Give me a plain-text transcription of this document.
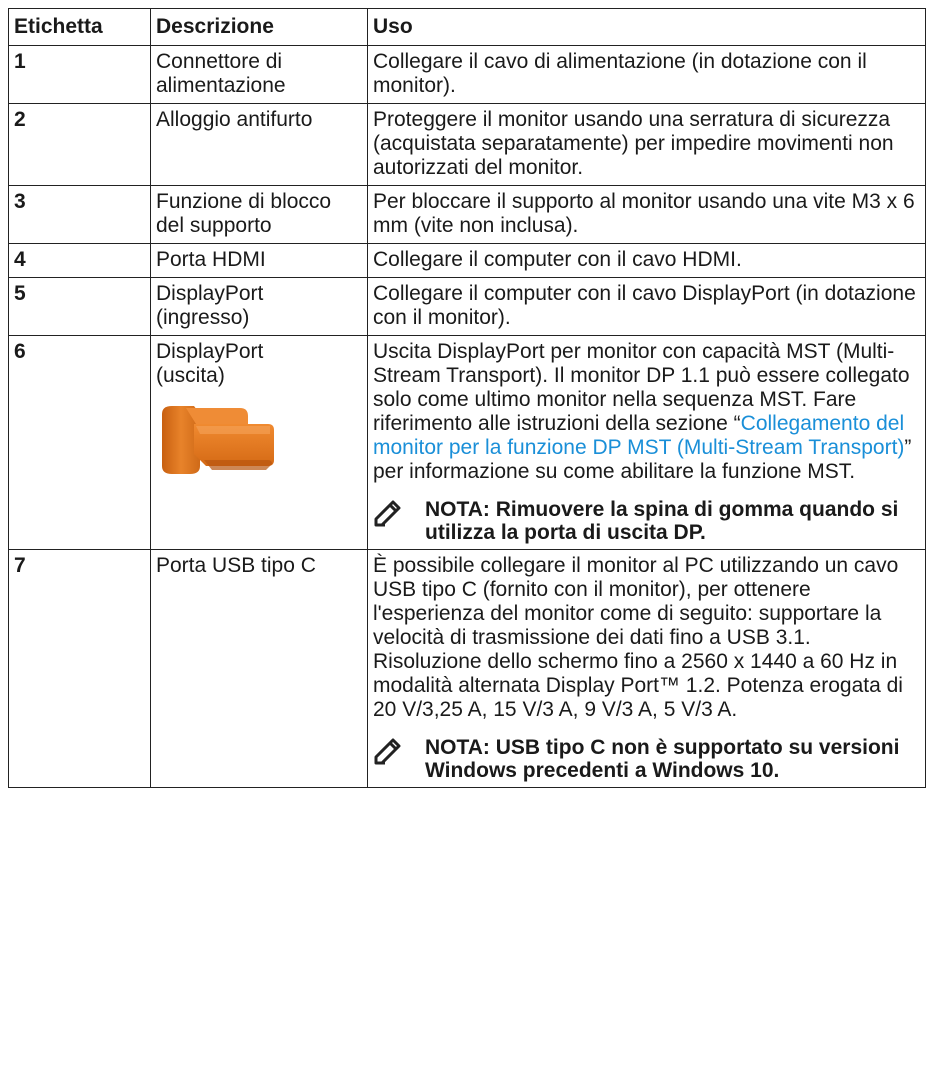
Etichetta	Descrizione	Uso
1	Connettore di alimentazione	Collegare il cavo di alimentazione (in dotazione con il monitor).
2	Alloggio antifurto	Proteggere il monitor usando una serratura di sicurezza (acquistata separatamente) per impedire movimenti non autorizzati del monitor.
3	Funzione di blocco del supporto	Per bloccare il supporto al monitor usando una vite M3 x 6 mm (vite non inclusa).
4	Porta HDMI	Collegare il computer con il cavo HDMI.
5	DisplayPort (ingresso)	Collegare il computer con il cavo DisplayPort (in dotazione con il monitor).
6	DisplayPort (uscita)	Uscita DisplayPort per monitor con capacità MST (Multi-Stream Transport). Il monitor DP 1.1 può essere collegato solo come ultimo monitor nella sequenza MST. Fare riferimento alle istruzioni della sezione “Collegamento del monitor per la funzione DP MST (Multi-Stream Transport)” per informazione su come abilitare la funzione MST.
NOTA: Rimuovere la spina di gomma quando si utilizza la porta di uscita DP.

7	Porta USB tipo C	È possibile collegare il monitor al PC utilizzando un cavo USB tipo C (fornito con il monitor), per ottenere l'esperienza del monitor come di seguito: supportare la velocità di trasmissione dei dati fino a USB 3.1. Risoluzione dello schermo fino a 2560 x 1440 a 60 Hz in modalità alternata Display Port™ 1.2. Potenza erogata di 20 V/3,25 A, 15 V/3 A, 9 V/3 A, 5 V/3 A.
NOTA: USB tipo C non è supportato su versioni Windows precedenti a Windows 10.
